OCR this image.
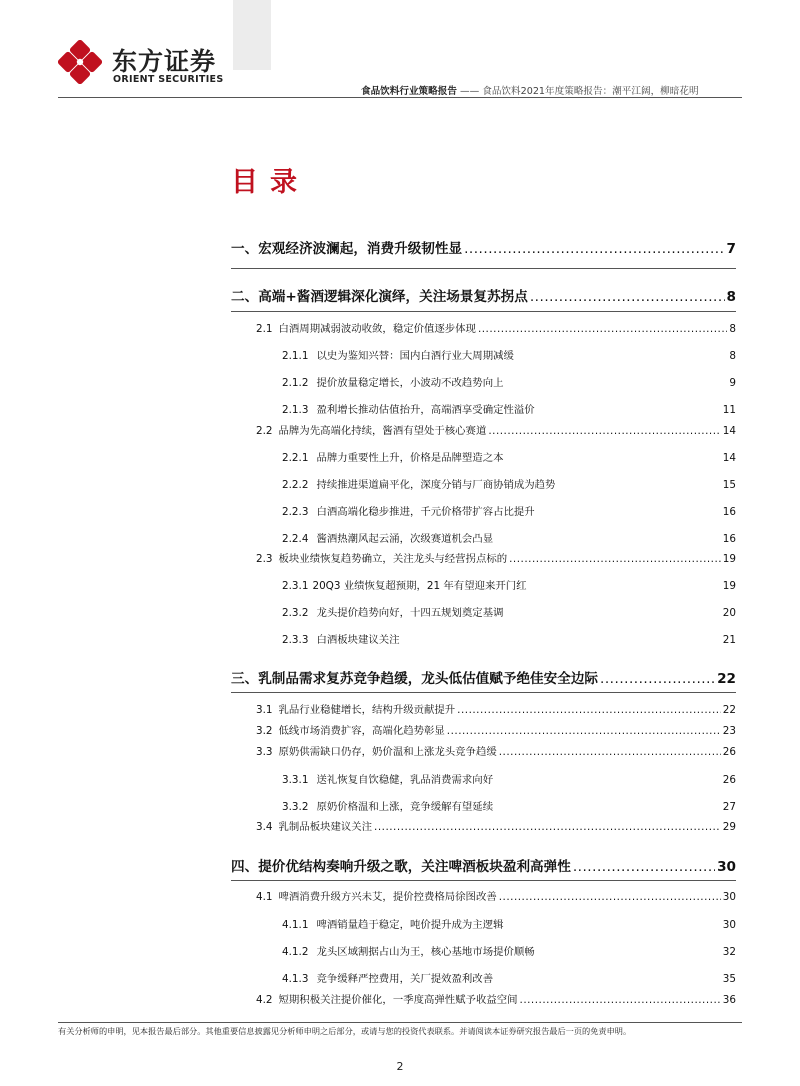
东方证券
ORIENT SECURITIES
食品饮料行业策略报告 —— 食品饮料2021年度策略报告：潮平江阔，柳暗花明
目录
一、 宏观经济波澜起，消费升级韧性显 .....	7
二、 高端+酱酒逻辑深化演绎，关注场景复苏拐点 .....	8
2.1 白酒周期减弱波动收敛，稳定价值逐步体现 .....	8
2.1.1 以史为鉴知兴替：国内白酒行业大周期减缓	8
2.1.2 提价放量稳定增长，小波动不改趋势向上	9
2.1.3 盈利增长推动估值抬升，高端酒享受确定性溢价	11
2.2 品牌为先高端化持续，酱酒有望处于核心赛道 .....	14
2.2.1 品牌力重要性上升，价格是品牌塑造之本	14
2.2.2 持续推进渠道扁平化，深度分销与厂商协销成为趋势	15
2.2.3 白酒高端化稳步推进，千元价格带扩容占比提升	16
2.2.4 酱酒热潮风起云涌，次级赛道机会凸显	16
2.3 板块业绩恢复趋势确立，关注龙头与经营拐点标的 .....	19
2.3.1 20Q3 业绩恢复超预期，21 年有望迎来开门红	19
2.3.2 龙头提价趋势向好，十四五规划奠定基调	20
2.3.3 白酒板块建议关注	21
三、 乳制品需求复苏竞争趋缓，龙头低估值赋予绝佳安全边际 .....	22
3.1 乳品行业稳健增长，结构升级贡献提升 .....	22
3.2 低线市场消费扩容，高端化趋势彰显 .....	23
3.3 原奶供需缺口仍存，奶价温和上涨龙头竞争趋缓 .....	26
3.3.1 送礼恢复自饮稳健，乳品消费需求向好	26
3.3.2 原奶价格温和上涨，竞争缓解有望延续	27
3.4 乳制品板块建议关注 .....	29
四、 提价优结构奏响升级之歌，关注啤酒板块盈利高弹性 .....	30
4.1 啤酒消费升级方兴未艾，提价控费格局徐图改善 .....	30
4.1.1 啤酒销量趋于稳定，吨价提升成为主逻辑	30
4.1.2 龙头区域割据占山为王，核心基地市场提价顺畅	32
4.1.3 竞争缓释严控费用，关厂提效盈利改善	35
4.2 短期积极关注提价催化，一季度高弹性赋予收益空间 .....	36
有关分析师的申明，见本报告最后部分。其他重要信息披露见分析师申明之后部分，或请与您的投资代表联系。并请阅读本证券研究报告最后一页的免责申明。
2
